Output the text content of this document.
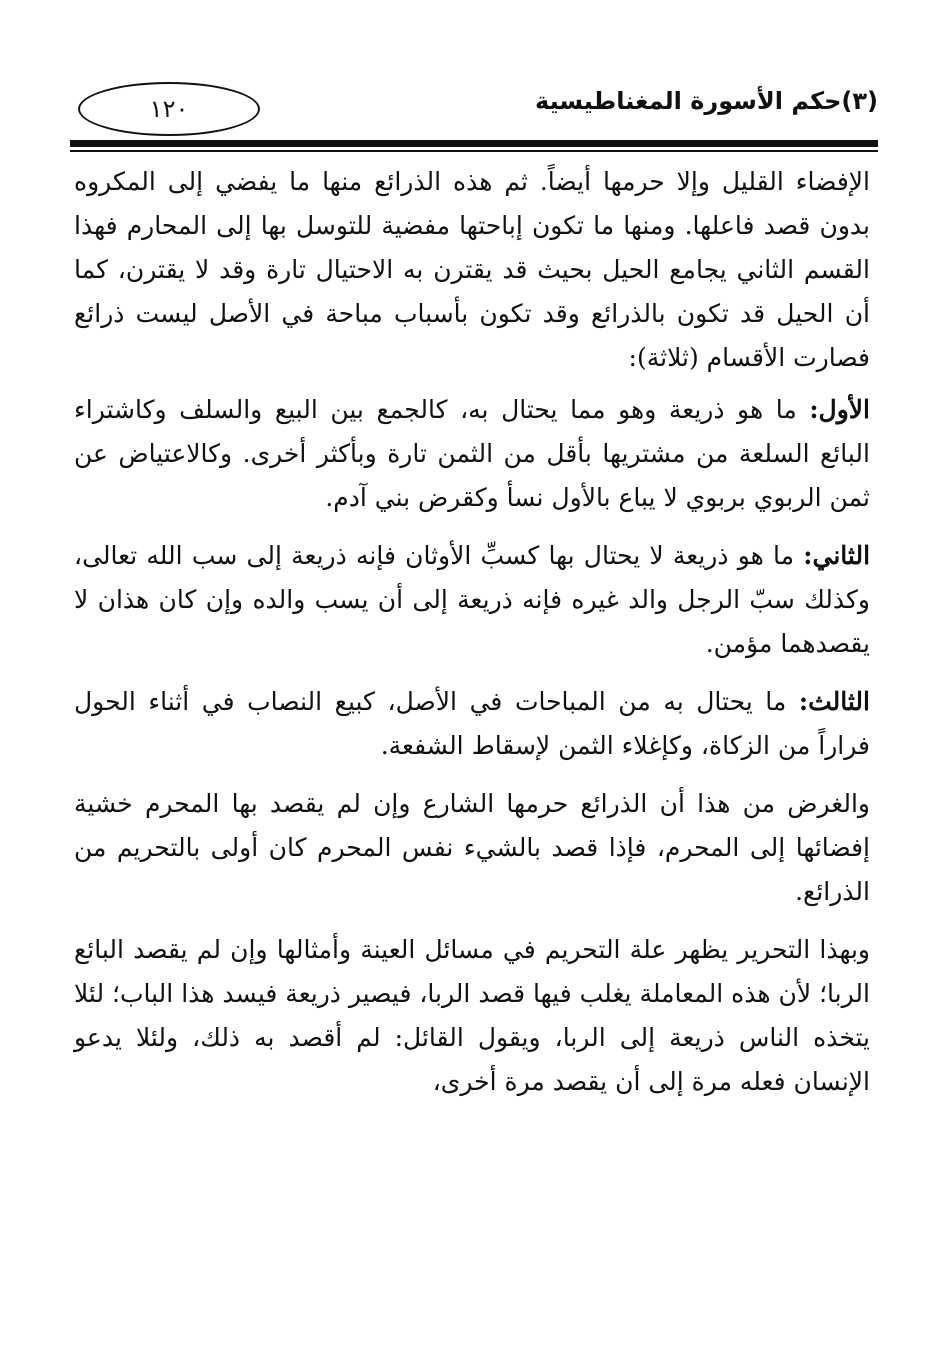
(٣)حكم الأسورة المغناطيسية
١٢٠

الإفضاء القليل وإلا حرمها أيضاً. ثم هذه الذرائع منها ما يفضي إلى المكروه بدون قصد فاعلها. ومنها ما تكون إباحتها مفضية للتوسل بها إلى المحارم فهذا القسم الثاني يجامع الحيل بحيث قد يقترن به الاحتيال تارة وقد لا يقترن، كما أن الحيل قد تكون بالذرائع وقد تكون بأسباب مباحة في الأصل ليست ذرائع فصارت الأقسام (ثلاثة):

الأول: ما هو ذريعة وهو مما يحتال به، كالجمع بين البيع والسلف وكاشتراء البائع السلعة من مشتريها بأقل من الثمن تارة وبأكثر أخرى. وكالاعتياض عن ثمن الربوي بربوي لا يباع بالأول نسأ وكقرض بني آدم.

الثاني: ما هو ذريعة لا يحتال بها كسبِّ الأوثان فإنه ذريعة إلى سب الله تعالى، وكذلك سبّ الرجل والد غيره فإنه ذريعة إلى أن يسب والده وإن كان هذان لا يقصدهما مؤمن.

الثالث: ما يحتال به من المباحات في الأصل، كبيع النصاب في أثناء الحول فراراً من الزكاة، وكإغلاء الثمن لإسقاط الشفعة.

والغرض من هذا أن الذرائع حرمها الشارع وإن لم يقصد بها المحرم خشية إفضائها إلى المحرم، فإذا قصد بالشيء نفس المحرم كان أولى بالتحريم من الذرائع.

وبهذا التحرير يظهر علة التحريم في مسائل العينة وأمثالها وإن لم يقصد البائع الربا؛ لأن هذه المعاملة يغلب فيها قصد الربا، فيصير ذريعة فيسد هذا الباب؛ لئلا يتخذه الناس ذريعة إلى الربا، ويقول القائل: لم أقصد به ذلك، ولئلا يدعو الإنسان فعله مرة إلى أن يقصد مرة أخرى،
